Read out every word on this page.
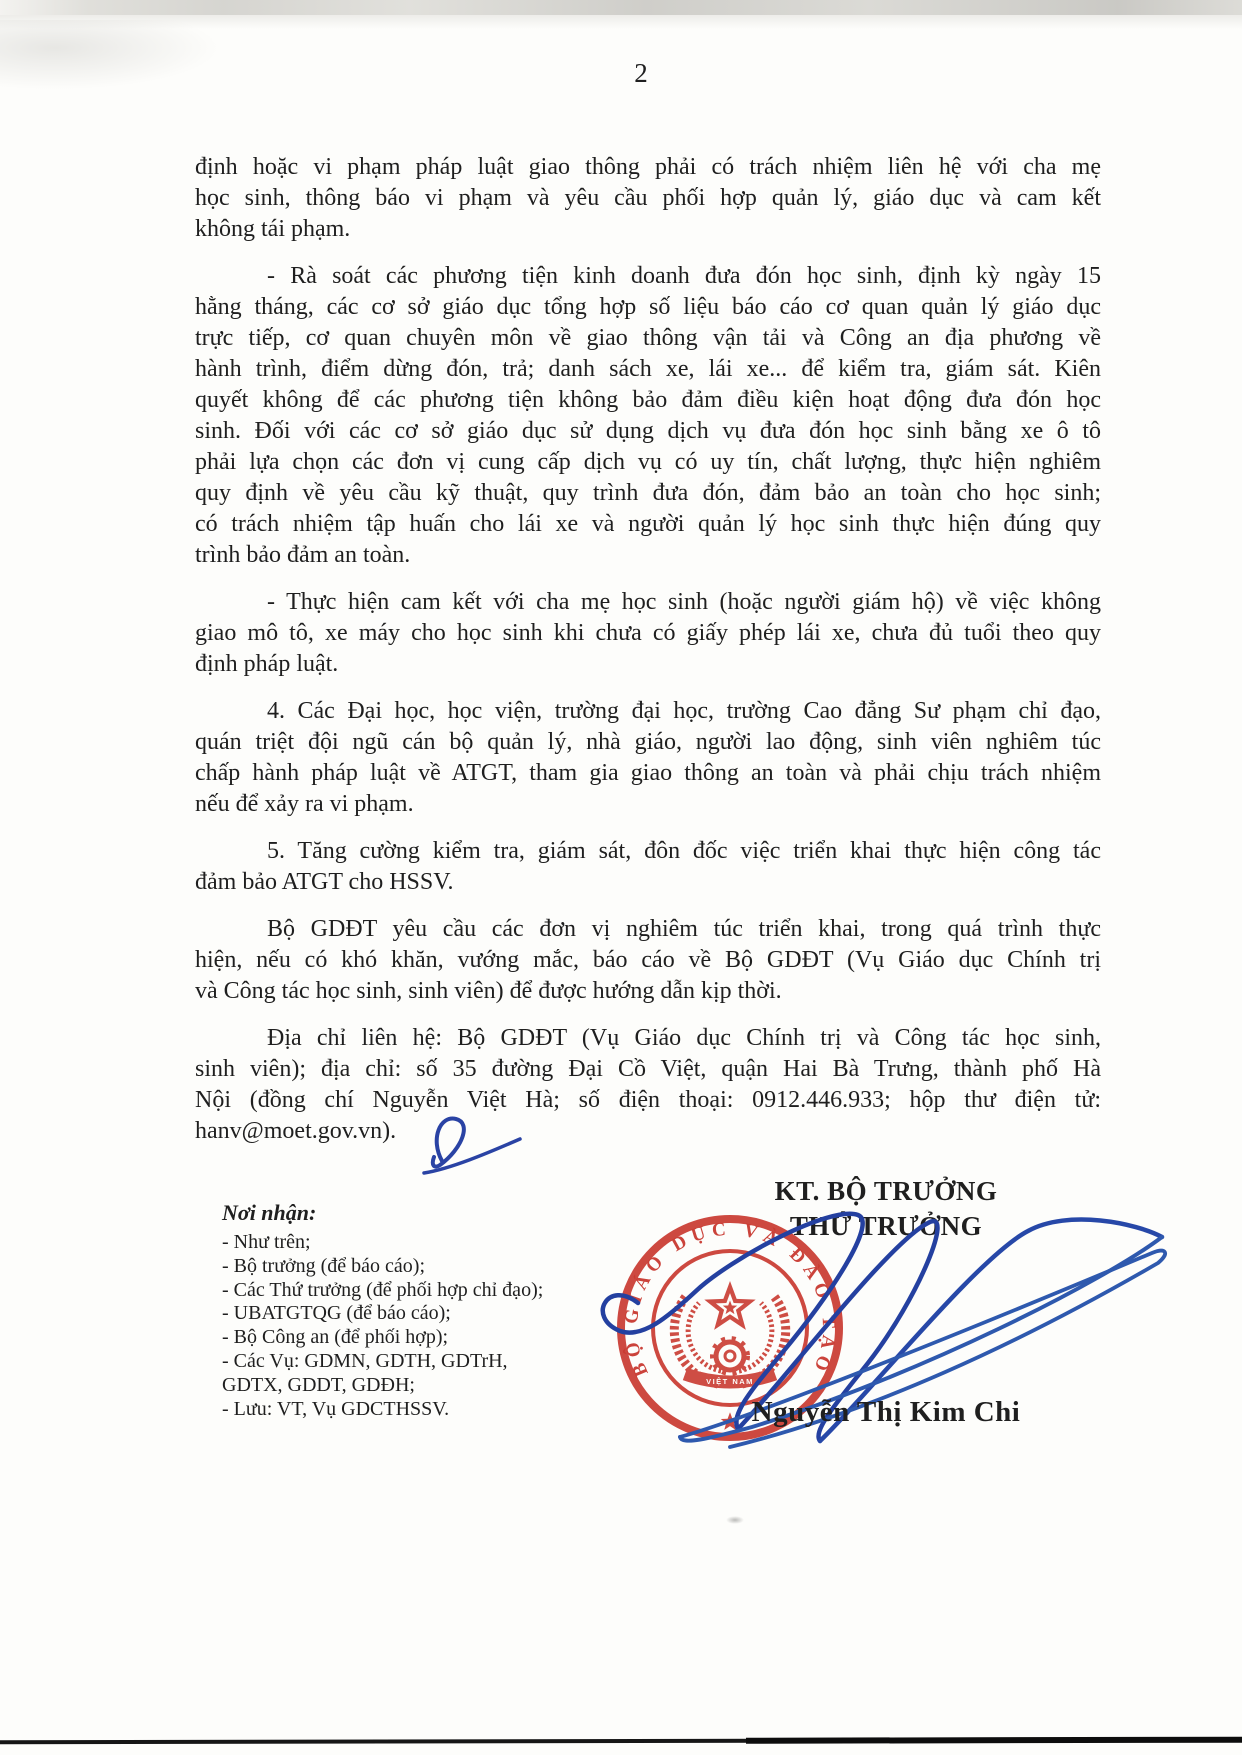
2
định hoặc vi phạm pháp luật giao thông phải có trách nhiệm liên hệ với cha mẹ
học sinh, thông báo vi phạm và yêu cầu phối hợp quản lý, giáo dục và cam kết
không tái phạm.
- Rà soát các phương tiện kinh doanh đưa đón học sinh, định kỳ ngày 15
hằng tháng, các cơ sở giáo dục tổng hợp số liệu báo cáo cơ quan quản lý giáo dục
trực tiếp, cơ quan chuyên môn về giao thông vận tải và Công an địa phương về
hành trình, điểm dừng đón, trả; danh sách xe, lái xe... để kiểm tra, giám sát. Kiên
quyết không để các phương tiện không bảo đảm điều kiện hoạt động đưa đón học
sinh. Đối với các cơ sở giáo dục sử dụng dịch vụ đưa đón học sinh bằng xe ô tô
phải lựa chọn các đơn vị cung cấp dịch vụ có uy tín, chất lượng, thực hiện nghiêm
quy định về yêu cầu kỹ thuật, quy trình đưa đón, đảm bảo an toàn cho học sinh;
có trách nhiệm tập huấn cho lái xe và người quản lý học sinh thực hiện đúng quy
trình bảo đảm an toàn.
- Thực hiện cam kết với cha mẹ học sinh (hoặc người giám hộ) về việc không
giao mô tô, xe máy cho học sinh khi chưa có giấy phép lái xe, chưa đủ tuổi theo quy
định pháp luật.
4. Các Đại học, học viện, trường đại học, trường Cao đẳng Sư phạm chỉ đạo,
quán triệt đội ngũ cán bộ quản lý, nhà giáo, người lao động, sinh viên nghiêm túc
chấp hành pháp luật về ATGT, tham gia giao thông an toàn và phải chịu trách nhiệm
nếu để xảy ra vi phạm.
5. Tăng cường kiểm tra, giám sát, đôn đốc việc triển khai thực hiện công tác
đảm bảo ATGT cho HSSV.
Bộ GDĐT yêu cầu các đơn vị nghiêm túc triển khai, trong quá trình thực
hiện, nếu có khó khăn, vướng mắc, báo cáo về Bộ GDĐT (Vụ Giáo dục Chính trị
và Công tác học sinh, sinh viên) để được hướng dẫn kịp thời.
Địa chỉ liên hệ: Bộ GDĐT (Vụ Giáo dục Chính trị và Công tác học sinh,
sinh viên); địa chỉ: số 35 đường Đại Cồ Việt, quận Hai Bà Trưng, thành phố Hà
Nội (đồng chí Nguyễn Việt Hà; số điện thoại: 0912.446.933; hộp thư điện tử:
hanv@moet.gov.vn).
Nơi nhận:
- Như trên;
- Bộ trưởng (để báo cáo);
- Các Thứ trưởng (để phối hợp chỉ đạo);
- UBATGTQG (để báo cáo);
- Bộ Công an (để phối hợp);
- Các Vụ: GDMN, GDTH, GDTrH,
GDTX, GDDT, GDĐH;
- Lưu: VT, Vụ GDCTHSSV.
KT. BỘ TRƯỞNG
THỨ TRƯỞNG
BỘ GIÁO DỤC VÀ ĐÀO TẠO
VIỆT NAM
Nguyễn Thị Kim Chi
